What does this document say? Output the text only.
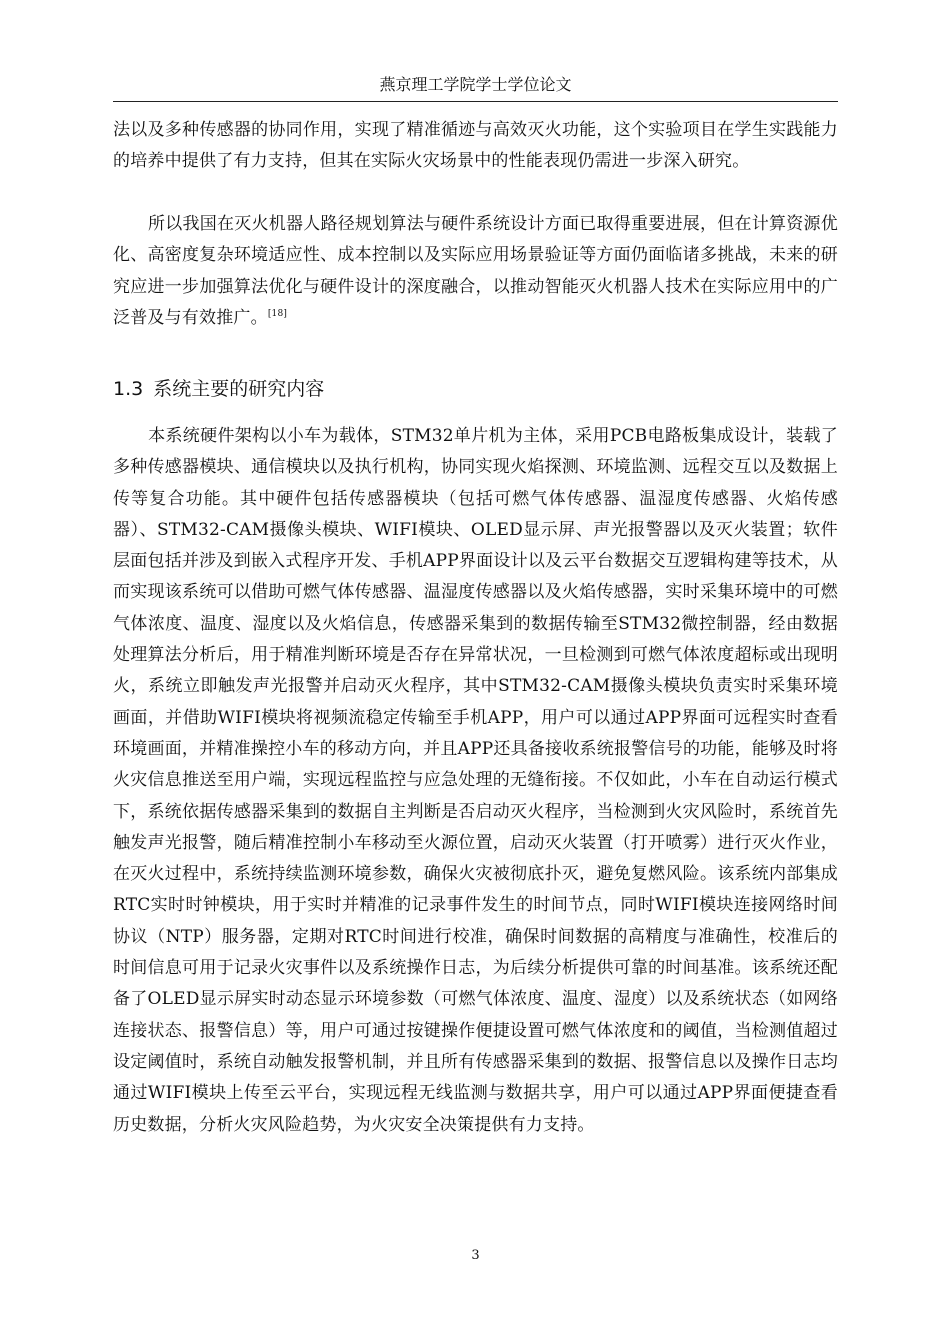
燕京理工学院学士学位论文

法以及多种传感器的协同作用，实现了精准循迹与高效灭火功能，这个实验项目在学生实践能力的培养中提供了有力支持，但其在实际火灾场景中的性能表现仍需进一步深入研究。

所以我国在灭火机器人路径规划算法与硬件系统设计方面已取得重要进展，但在计算资源优化、高密度复杂环境适应性、成本控制以及实际应用场景验证等方面仍面临诸多挑战，未来的研究应进一步加强算法优化与硬件设计的深度融合，以推动智能灭火机器人技术在实际应用中的广泛普及与有效推广。[18]

1.3 系统主要的研究内容

本系统硬件架构以小车为载体，STM32单片机为主体，采用PCB电路板集成设计，装载了多种传感器模块、通信模块以及执行机构，协同实现火焰探测、环境监测、远程交互以及数据上传等复合功能。其中硬件包括传感器模块（包括可燃气体传感器、温湿度传感器、火焰传感器）、STM32-CAM摄像头模块、WIFI模块、OLED显示屏、声光报警器以及灭火装置；软件层面包括并涉及到嵌入式程序开发、手机APP界面设计以及云平台数据交互逻辑构建等技术，从而实现该系统可以借助可燃气体传感器、温湿度传感器以及火焰传感器，实时采集环境中的可燃气体浓度、温度、湿度以及火焰信息，传感器采集到的数据传输至STM32微控制器，经由数据处理算法分析后，用于精准判断环境是否存在异常状况，一旦检测到可燃气体浓度超标或出现明火，系统立即触发声光报警并启动灭火程序，其中STM32-CAM摄像头模块负责实时采集环境画面，并借助WIFI模块将视频流稳定传输至手机APP，用户可以通过APP界面可远程实时查看环境画面，并精准操控小车的移动方向，并且APP还具备接收系统报警信号的功能，能够及时将火灾信息推送至用户端，实现远程监控与应急处理的无缝衔接。不仅如此，小车在自动运行模式下，系统依据传感器采集到的数据自主判断是否启动灭火程序，当检测到火灾风险时，系统首先触发声光报警，随后精准控制小车移动至火源位置，启动灭火装置（打开喷雾）进行灭火作业，在灭火过程中，系统持续监测环境参数，确保火灾被彻底扑灭，避免复燃风险。该系统内部集成RTC实时时钟模块，用于实时并精准的记录事件发生的时间节点，同时WIFI模块连接网络时间协议（NTP）服务器，定期对RTC时间进行校准，确保时间数据的高精度与准确性，校准后的时间信息可用于记录火灾事件以及系统操作日志，为后续分析提供可靠的时间基准。该系统还配备了OLED显示屏实时动态显示环境参数（可燃气体浓度、温度、湿度）以及系统状态（如网络连接状态、报警信息）等，用户可通过按键操作便捷设置可燃气体浓度和的阈值，当检测值超过设定阈值时，系统自动触发报警机制，并且所有传感器采集到的数据、报警信息以及操作日志均通过WIFI模块上传至云平台，实现远程无线监测与数据共享，用户可以通过APP界面便捷查看历史数据，分析火灾风险趋势，为火灾安全决策提供有力支持。

3
